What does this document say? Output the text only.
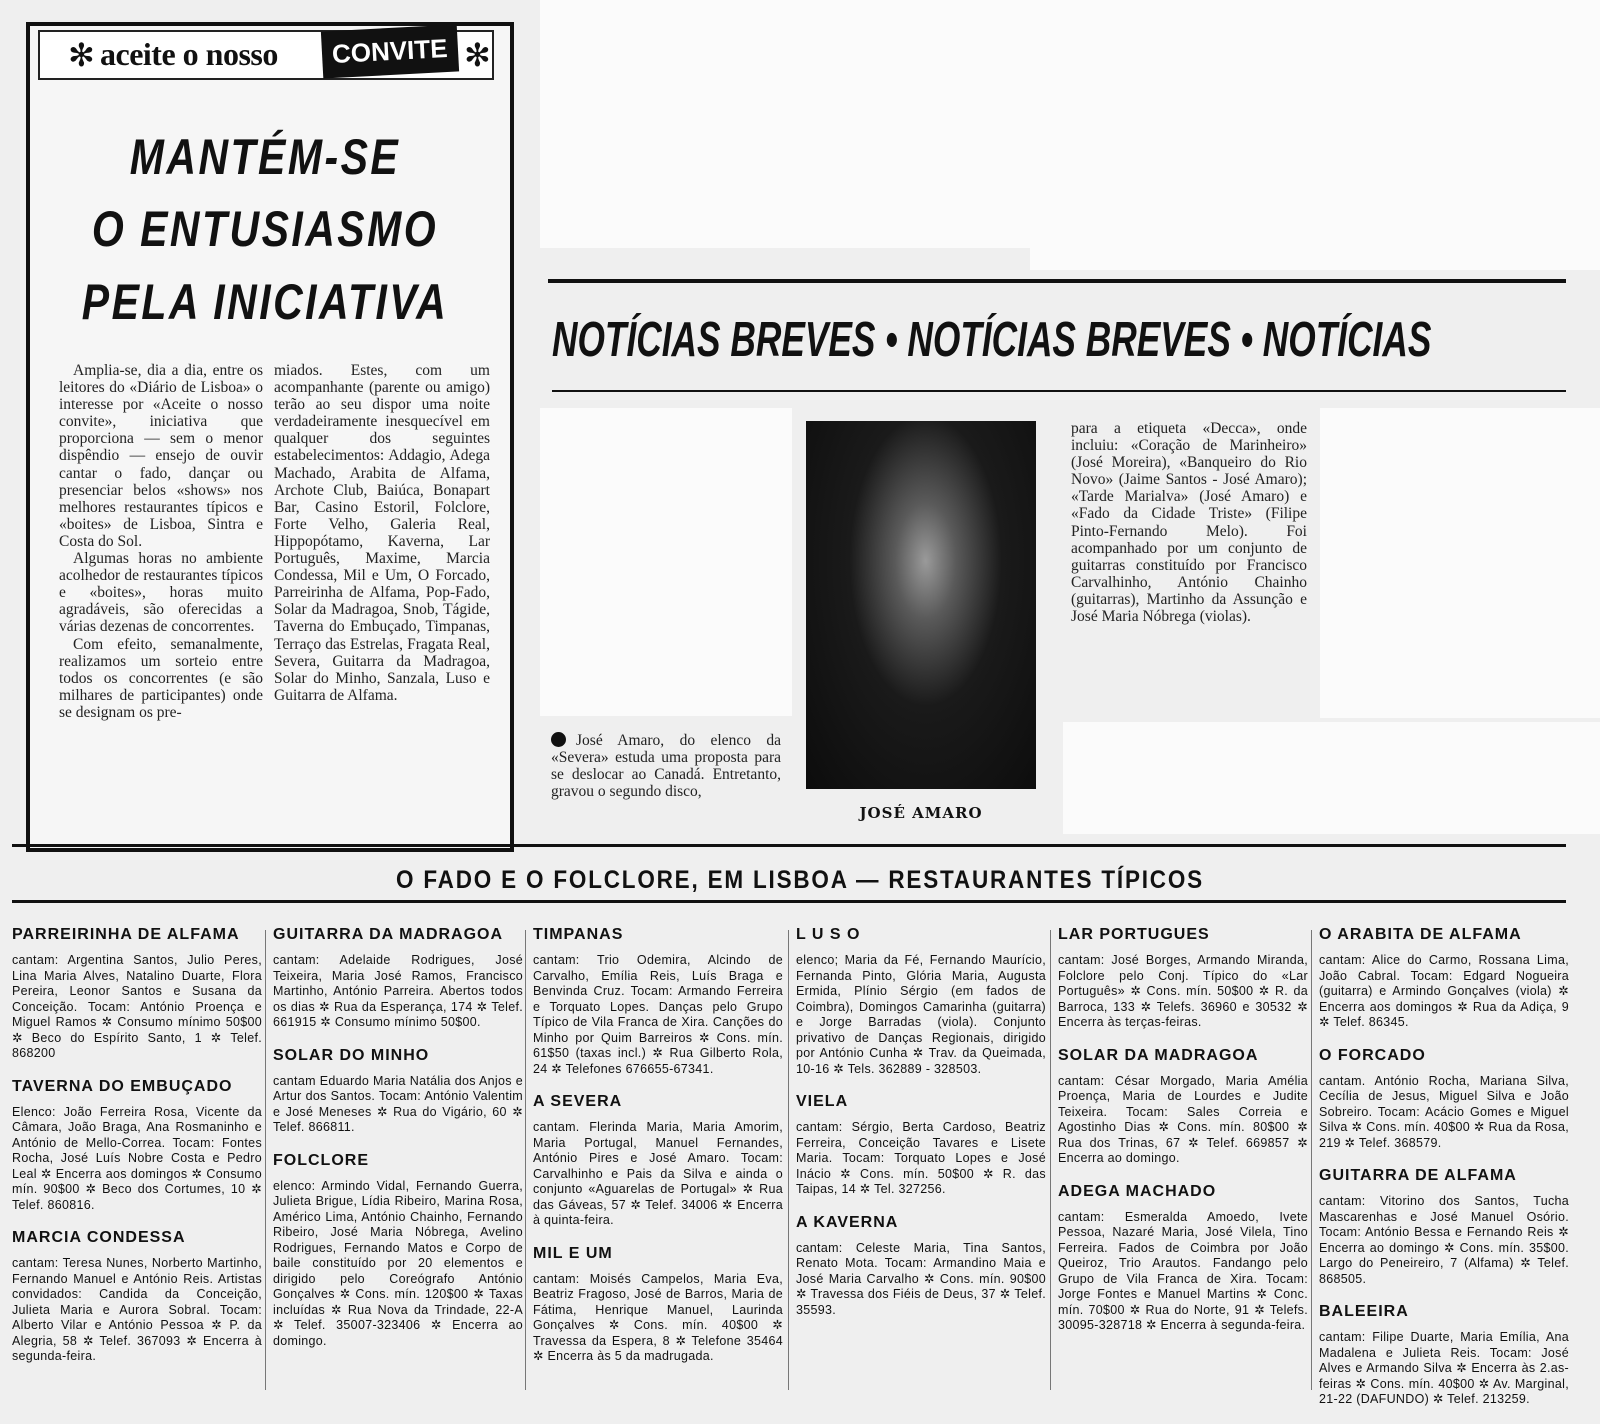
✻ aceite o nosso	CONVITE ✻
MANTÉM-SE
O ENTUSIASMO
PELA INICIATIVA

Amplia-se, dia a dia, entre os leitores do «Diário de Lisboa» o interesse por «Aceite o nosso convite», iniciativa que proporciona — sem o menor dispêndio — ensejo de ouvir cantar o fado, dançar ou presenciar belos «shows» nos melhores restaurantes típicos e «boites» de Lisboa, Sintra e Costa do Sol.

Algumas horas no ambiente acolhedor de restaurantes típicos e «boites», horas muito agradáveis, são oferecidas a várias dezenas de concorrentes.

Com efeito, semanalmente, realizamos um sorteio entre todos os concorrentes (e são milhares de participantes) onde se designam os pre-

miados. Estes, com um acompanhante (parente ou amigo) terão ao seu dispor uma noite verdadeiramente inesquecível em qualquer dos seguintes estabelecimentos: Addagio, Adega Machado, Arabita de Alfama, Archote Club, Baiúca, Bonapart Bar, Casino Estoril, Folclore, Forte Velho, Galeria Real, Hippopótamo, Kaverna, Lar Português, Maxime, Marcia Condessa, Mil e Um, O Forcado, Parreirinha de Alfama, Pop-Fado, Solar da Madragoa, Snob, Tágide, Taverna do Embuçado, Timpanas, Terraço das Estrelas, Fragata Real, Severa, Guitarra da Madragoa, Solar do Minho, Sanzala, Luso e Guitarra de Alfama.

NOTÍCIAS BREVES • NOTÍCIAS BREVES • NOTÍCIAS
JOSÉ AMARO

José Amaro, do elenco da «Severa» estuda uma proposta para se deslocar ao Canadá. Entretanto, gravou o segundo disco,

para a etiqueta «Decca», onde incluiu: «Coração de Marinheiro» (José Moreira), «Banqueiro do Rio Novo» (Jaime Santos - José Amaro); «Tarde Marialva» (José Amaro) e «Fado da Cidade Triste» (Filipe Pinto-Fernando Melo). Foi acompanhado por um conjunto de guitarras constituído por Francisco Carvalhinho, António Chainho (guitarras), Martinho da Assunção e José Maria Nóbrega (violas).

O FADO E O FOLCLORE, EM LISBOA — RESTAURANTES TÍPICOS
PARREIRINHA DE ALFAMA
cantam: Argentina Santos, Julio Peres, Lina Maria Alves, Natalino Duarte, Flora Pereira, Leonor Santos e Susana da Conceição. Tocam: António Proença e Miguel Ramos ✲ Consumo mínimo 50$00 ✲ Beco do Espírito Santo, 1 ✲ Telef. 868200
TAVERNA DO EMBUÇADO
Elenco: João Ferreira Rosa, Vicente da Câmara, João Braga, Ana Rosmaninho e António de Mello-Correa. Tocam: Fontes Rocha, José Luís Nobre Costa e Pedro Leal ✲ Encerra aos domingos ✲ Consumo mín. 90$00 ✲ Beco dos Cortumes, 10 ✲ Telef. 860816.
MARCIA CONDESSA
cantam: Teresa Nunes, Norberto Martinho, Fernando Manuel e António Reis. Artistas convidados: Candida da Conceição, Julieta Maria e Aurora Sobral. Tocam: Alberto Vilar e António Pessoa ✲ P. da Alegria, 58 ✲ Telef. 367093 ✲ Encerra à segunda-feira.
GUITARRA DA MADRAGOA
cantam: Adelaide Rodrigues, José Teixeira, Maria José Ramos, Francisco Martinho, António Parreira. Abertos todos os dias ✲ Rua da Esperança, 174 ✲ Telef. 661915 ✲ Consumo mínimo 50$00.
SOLAR DO MINHO
cantam Eduardo Maria Natália dos Anjos e Artur dos Santos. Tocam: António Valentim e José Meneses ✲ Rua do Vigário, 60 ✲ Telef. 866811.
FOLCLORE
elenco: Armindo Vidal, Fernando Guerra, Julieta Brigue, Lídia Ribeiro, Marina Rosa, Américo Lima, António Chainho, Fernando Ribeiro, José Maria Nóbrega, Avelino Rodrigues, Fernando Matos e Corpo de baile constituído por 20 elementos e dirigido pelo Coreógrafo António Gonçalves ✲ Cons. mín. 120$00 ✲ Taxas incluídas ✲ Rua Nova da Trindade, 22-A ✲ Telef. 35007-323406 ✲ Encerra ao domingo.
TIMPANAS
cantam: Trio Odemira, Alcindo de Carvalho, Emília Reis, Luís Braga e Benvinda Cruz. Tocam: Armando Ferreira e Torquato Lopes. Danças pelo Grupo Típico de Vila Franca de Xira. Canções do Minho por Quim Barreiros ✲ Cons. mín. 61$50 (taxas incl.) ✲ Rua Gilberto Rola, 24 ✲ Telefones 676655-67341.
A SEVERA
cantam. Flerinda Maria, Maria Amorim, Maria Portugal, Manuel Fernandes, António Pires e José Amaro. Tocam: Carvalhinho e Pais da Silva e ainda o conjunto «Aguarelas de Portugal» ✲ Rua das Gáveas, 57 ✲ Telef. 34006 ✲ Encerra à quinta-feira.
MIL E UM
cantam: Moisés Campelos, Maria Eva, Beatriz Fragoso, José de Barros, Maria de Fátima, Henrique Manuel, Laurinda Gonçalves ✲ Cons. mín. 40$00 ✲ Travessa da Espera, 8 ✲ Telefone 35464 ✲ Encerra às 5 da madrugada.
L U S O
elenco; Maria da Fé, Fernando Maurício, Fernanda Pinto, Glória Maria, Augusta Ermida, Plínio Sérgio (em fados de Coimbra), Domingos Camarinha (guitarra) e Jorge Barradas (viola). Conjunto privativo de Danças Regionais, dirigido por António Cunha ✲ Trav. da Queimada, 10-16 ✲ Tels. 362889 - 328503.
VIELA
cantam: Sérgio, Berta Cardoso, Beatriz Ferreira, Conceição Tavares e Lisete Maria. Tocam: Torquato Lopes e José Inácio ✲ Cons. mín. 50$00 ✲ R. das Taipas, 14 ✲ Tel. 327256.
A KAVERNA
cantam: Celeste Maria, Tina Santos, Renato Mota. Tocam: Armandino Maia e José Maria Carvalho ✲ Cons. mín. 90$00 ✲ Travessa dos Fiéis de Deus, 37 ✲ Telef. 35593.
LAR PORTUGUES
cantam: José Borges, Armando Miranda, Folclore pelo Conj. Típico do «Lar Português» ✲ Cons. mín. 50$00 ✲ R. da Barroca, 133 ✲ Telefs. 36960 e 30532 ✲ Encerra às terças-feiras.
SOLAR DA MADRAGOA
cantam: César Morgado, Maria Amélia Proença, Maria de Lourdes e Judite Teixeira. Tocam: Sales Correia e Agostinho Dias ✲ Cons. mín. 80$00 ✲ Rua dos Trinas, 67 ✲ Telef. 669857 ✲ Encerra ao domingo.
ADEGA MACHADO
cantam: Esmeralda Amoedo, Ivete Pessoa, Nazaré Maria, José Vilela, Tino Ferreira. Fados de Coimbra por João Queiroz, Trio Arautos. Fandango pelo Grupo de Vila Franca de Xira. Tocam: Jorge Fontes e Manuel Martins ✲ Conc. mín. 70$00 ✲ Rua do Norte, 91 ✲ Telefs. 30095-328718 ✲ Encerra à segunda-feira.
O ARABITA DE ALFAMA
cantam: Alice do Carmo, Rossana Lima, João Cabral. Tocam: Edgard Nogueira (guitarra) e Armindo Gonçalves (viola) ✲ Encerra aos domingos ✲ Rua da Adiça, 9 ✲ Telef. 86345.
O FORCADO
cantam. António Rocha, Mariana Silva, Cecília de Jesus, Miguel Silva e João Sobreiro. Tocam: Acácio Gomes e Miguel Silva ✲ Cons. mín. 40$00 ✲ Rua da Rosa, 219 ✲ Telef. 368579.
GUITARRA DE ALFAMA
cantam: Vitorino dos Santos, Tucha Mascarenhas e José Manuel Osório. Tocam: António Bessa e Fernando Reis ✲ Encerra ao domingo ✲ Cons. mín. 35$00. Largo do Peneireiro, 7 (Alfama) ✲ Telef. 868505.
BALEEIRA
cantam: Filipe Duarte, Maria Emília, Ana Madalena e Julieta Reis. Tocam: José Alves e Armando Silva ✲ Encerra às 2.as-feiras ✲ Cons. mín. 40$00 ✲ Av. Marginal, 21-22 (DAFUNDO) ✲ Telef. 213259.
